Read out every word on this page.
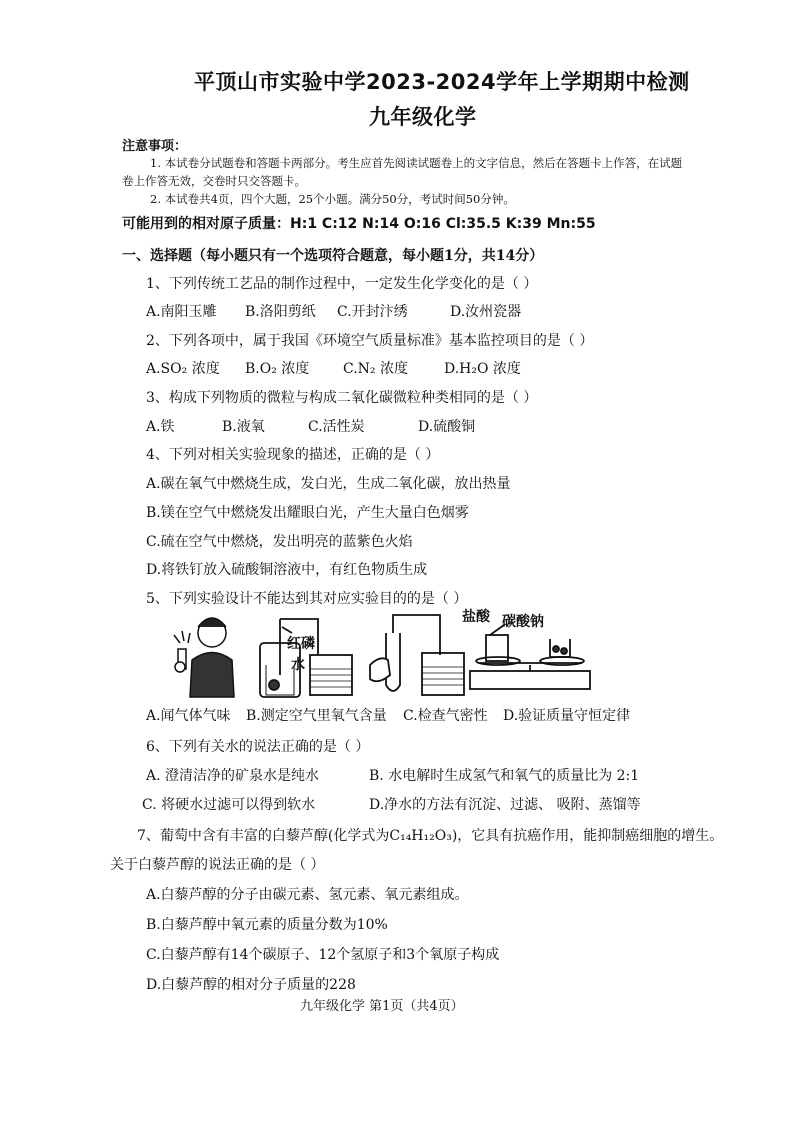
平顶山市实验中学2023-2024学年上学期期中检测
九年级化学
注意事项：
1. 本试卷分试题卷和答题卡两部分。考生应首先阅读试题卷上的文字信息，然后在答题卡上作答，在试题
卷上作答无效，交卷时只交答题卡。
2. 本试卷共4页，四个大题，25个小题。满分50分，考试时间50分钟。
可能用到的相对原子质量：H:1 C:12 N:14 O:16 Cl:35.5 K:39 Mn:55
一、选择题（每小题只有一个选项符合题意，每小题1分，共14分）
1、下列传统工艺品的制作过程中，一定发生化学变化的是（ ）
A.南阳玉雕 B.洛阳剪纸 C.开封汴绣	D.汝州瓷器
2、下列各项中，属于我国《环境空气质量标准》基本监控项目的是（ ）
A.SO₂ 浓度 B.O₂ 浓度 C.N₂ 浓度	D.H₂O 浓度
3、构成下列物质的微粒与构成二氧化碳微粒种类相同的是（ ）
A.铁	B.液氧	C.活性炭	D.硫酸铜
4、下列对相关实验现象的描述，正确的是（ ）
A.碳在氧气中燃烧生成，发白光，生成二氧化碳，放出热量
B.镁在空气中燃烧发出耀眼白光，产生大量白色烟雾
C.硫在空气中燃烧，发出明亮的蓝紫色火焰
D.将铁钉放入硫酸铜溶液中，有红色物质生成
5、下列实验设计不能达到其对应实验目的的是（ ）
红磷
水
盐酸 碳酸钠
A.闻气体气味 B.测定空气里氧气含量 C.检查气密性 D.验证质量守恒定律
6、下列有关水的说法正确的是（ ）
A. 澄清洁净的矿泉水是纯水	B. 水电解时生成氢气和氧气的质量比为 2:1
C. 将硬水过滤可以得到软水	D.净水的方法有沉淀、过滤、 吸附、蒸馏等
7、葡萄中含有丰富的白藜芦醇(化学式为C₁₄H₁₂O₃)，它具有抗癌作用，能抑制癌细胞的增生。
关于白藜芦醇的说法正确的是（ ）
A.白藜芦醇的分子由碳元素、氢元素、氧元素组成。
B.白藜芦醇中氧元素的质量分数为10%
C.白藜芦醇有14个碳原子、12个氢原子和3个氧原子构成
D.白藜芦醇的相对分子质量的228
九年级化学 第1页（共4页）
